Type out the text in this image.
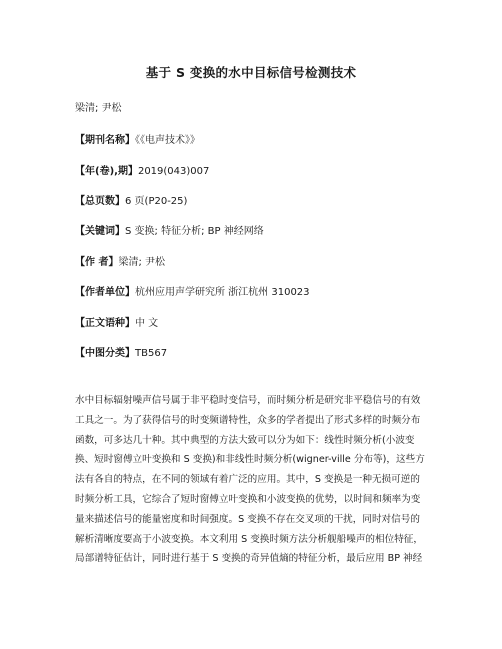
基于 S 变换的水中目标信号检测技术
梁清; 尹松
【期刊名称】《《电声技术》》
【年(卷),期】2019(043)007
【总页数】6 页(P20-25)
【关键词】S 变换; 特征分析; BP 神经网络
【作 者】梁清; 尹松
【作者单位】杭州应用声学研究所 浙江杭州 310023
【正文语种】中 文
【中图分类】TB567
水中目标辐射噪声信号属于非平稳时变信号，而时频分析是研究非平稳信号的有效
工具之一。为了获得信号的时变频谱特性，众多的学者提出了形式多样的时频分布
函数，可多达几十种。其中典型的方法大致可以分为如下：线性时频分析(小波变
换、短时窗傅立叶变换和 S 变换)和非线性时频分析(wigner-ville 分布等)，这些方
法有各自的特点，在不同的领域有着广泛的应用。其中，S 变换是一种无损可逆的
时频分析工具，它综合了短时窗傅立叶变换和小波变换的优势，以时间和频率为变
量来描述信号的能量密度和时间强度。S 变换不存在交叉项的干扰，同时对信号的
解析清晰度要高于小波变换。本文利用 S 变换时频方法分析舰船噪声的相位特征，
局部谱特征估计，同时进行基于 S 变换的奇异值熵的特征分析，最后应用 BP 神经
